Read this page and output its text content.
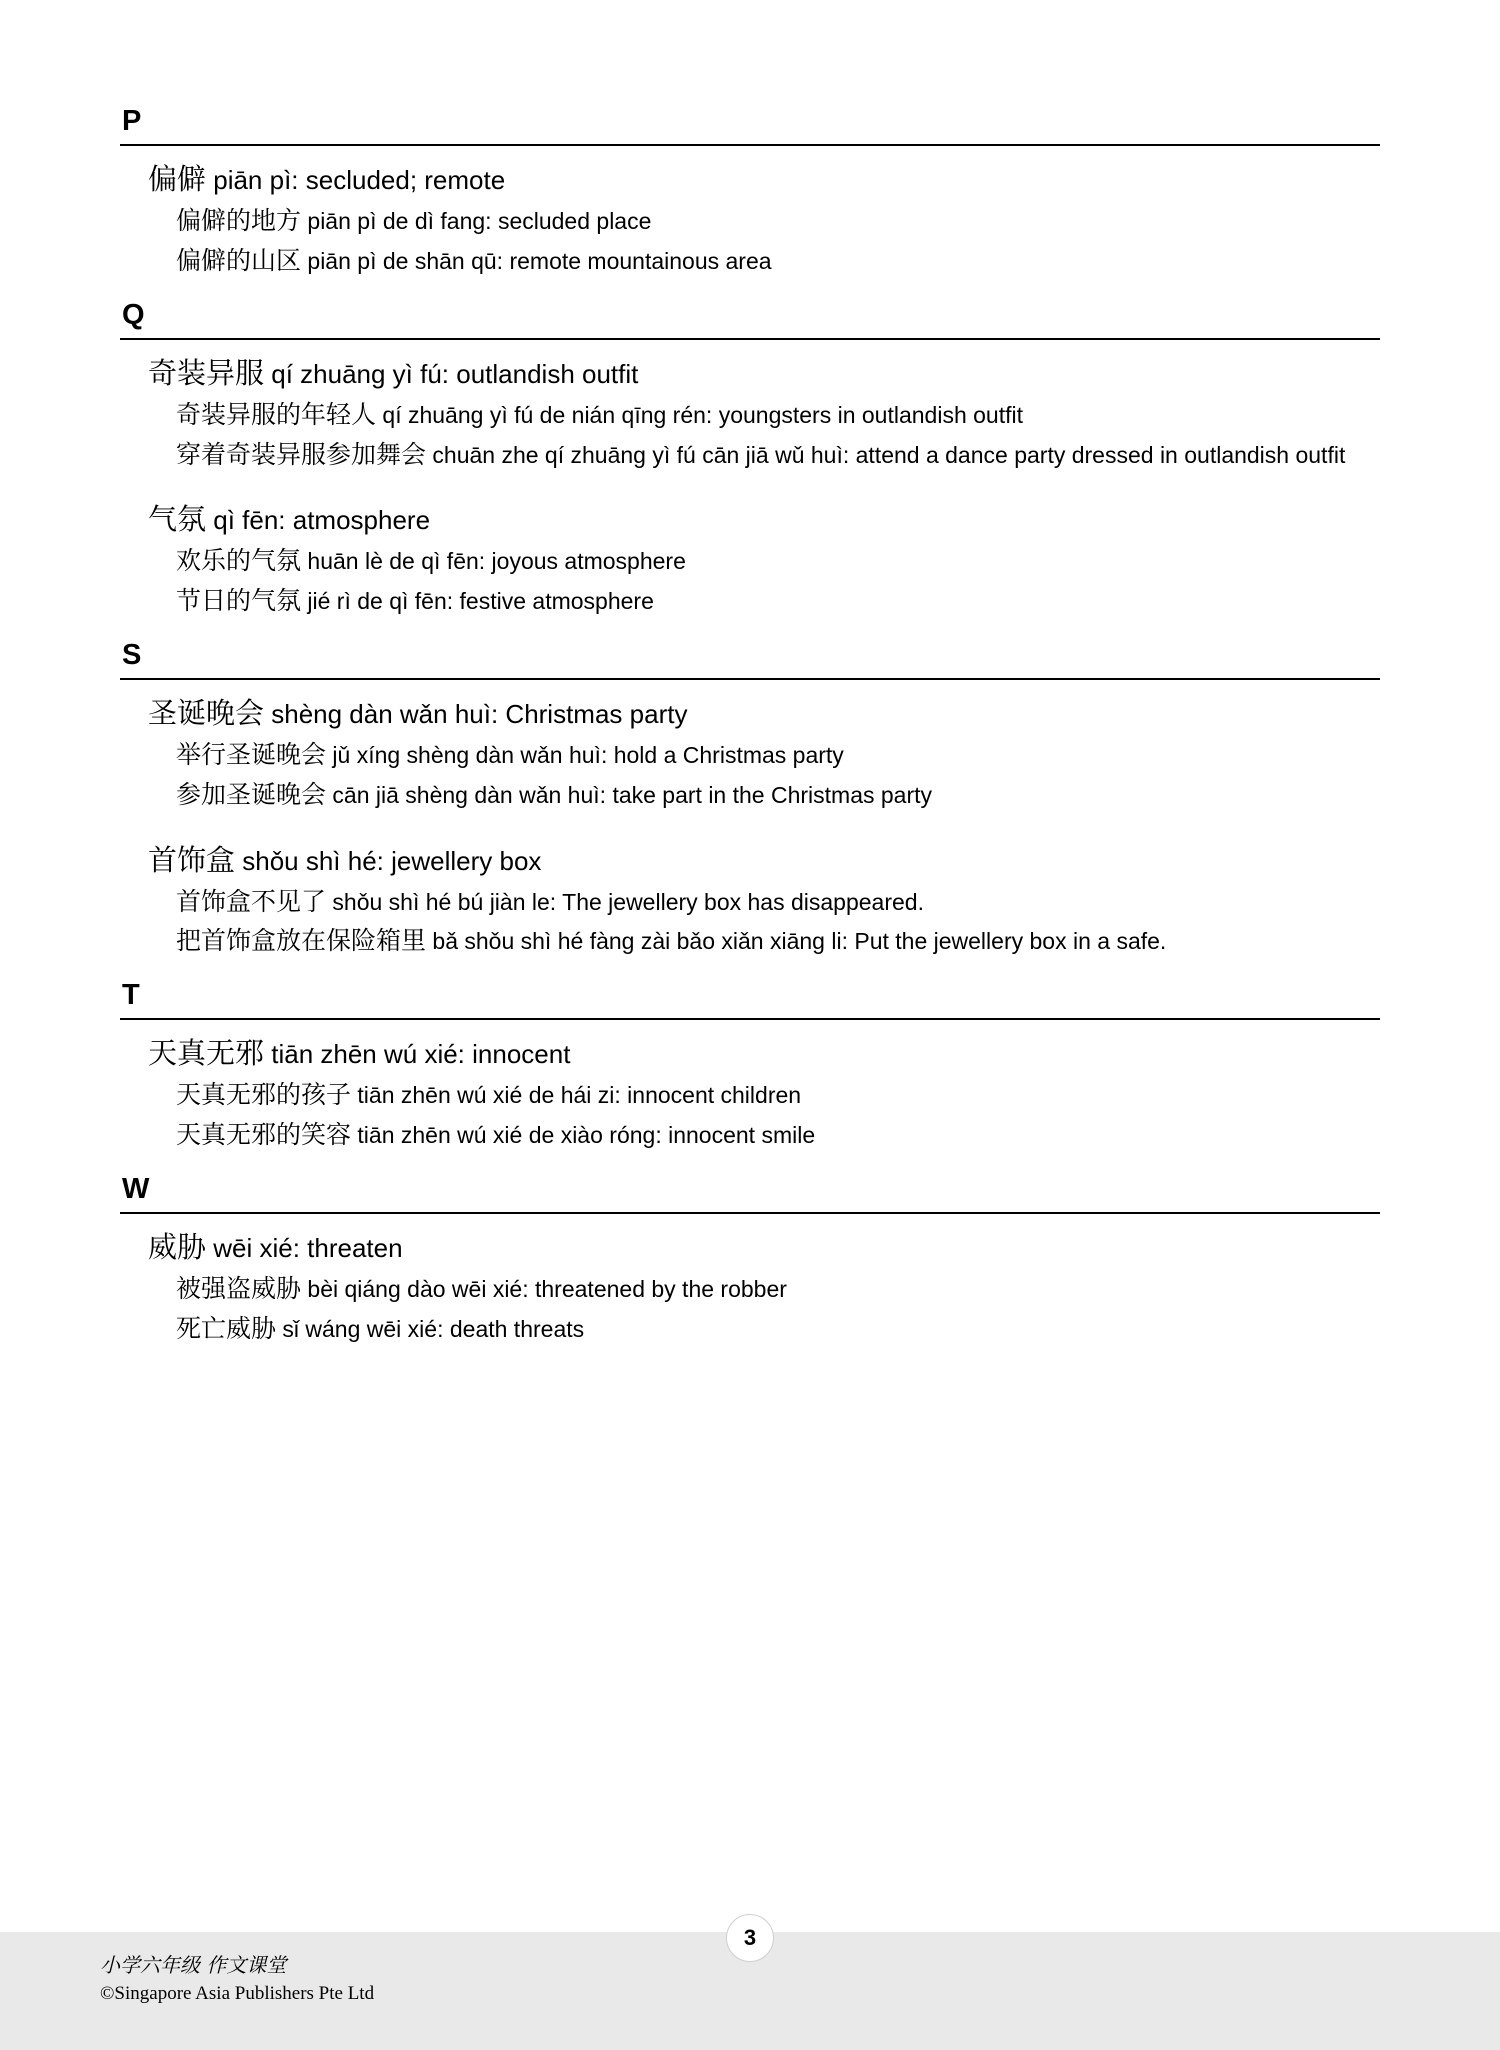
P
偏僻 piān pì: secluded; remote
偏僻的地方 piān pì de dì fang: secluded place
偏僻的山区 piān pì de shān qū: remote mountainous area
Q
奇装异服 qí zhuāng yì fú: outlandish outfit
奇装异服的年轻人 qí zhuāng yì fú de nián qīng rén: youngsters in outlandish outfit
穿着奇装异服参加舞会 chuān zhe qí zhuāng yì fú cān jiā wǔ huì: attend a dance party dressed in outlandish outfit
气氛 qì fēn: atmosphere
欢乐的气氛 huān lè de qì fēn: joyous atmosphere
节日的气氛 jié rì de qì fēn: festive atmosphere
S
圣诞晚会 shèng dàn wǎn huì: Christmas party
举行圣诞晚会 jǔ xíng shèng dàn wǎn huì: hold a Christmas party
参加圣诞晚会 cān jiā shèng dàn wǎn huì: take part in the Christmas party
首饰盒 shǒu shì hé: jewellery box
首饰盒不见了 shǒu shì hé bú jiàn le: The jewellery box has disappeared.
把首饰盒放在保险箱里 bǎ shǒu shì hé fàng zài bǎo xiǎn xiāng li: Put the jewellery box in a safe.
T
天真无邪 tiān zhēn wú xié: innocent
天真无邪的孩子 tiān zhēn wú xié de hái zi: innocent children
天真无邪的笑容 tiān zhēn wú xié de xiào róng: innocent smile
W
威胁 wēi xié: threaten
被强盗威胁 bèi qiáng dào wēi xié: threatened by the robber
死亡威胁 sǐ wáng wēi xié: death threats
3
小学六年级 作文课堂
©Singapore Asia Publishers Pte Ltd
